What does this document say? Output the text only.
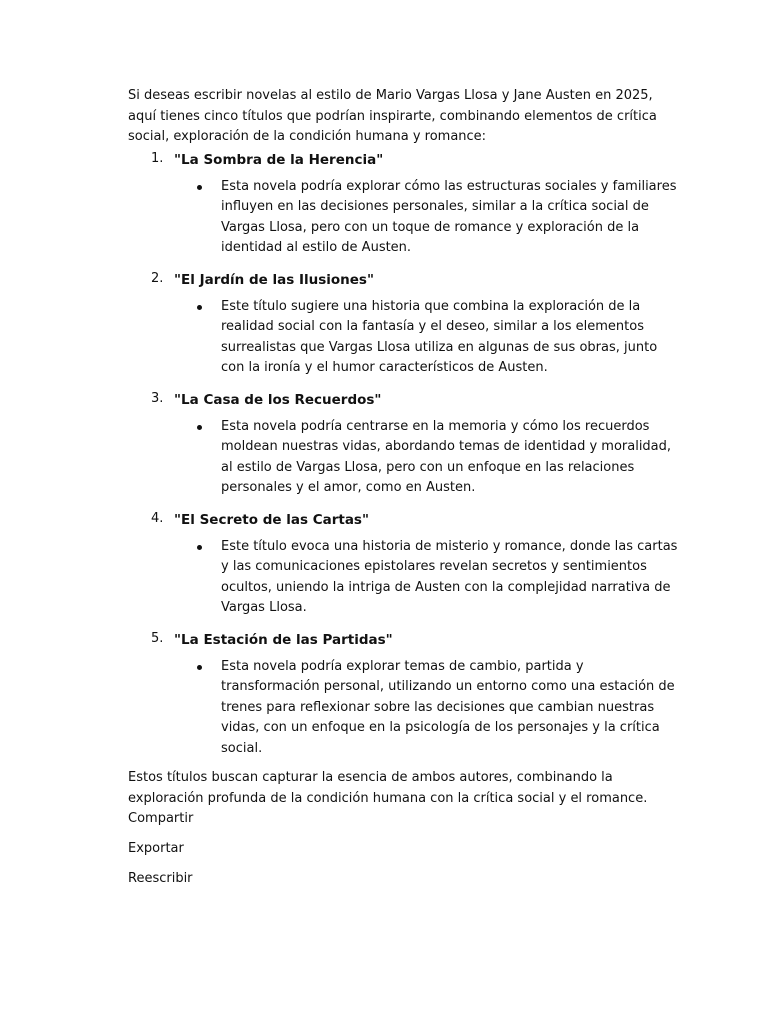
Si deseas escribir novelas al estilo de Mario Vargas Llosa y Jane Austen en 2025, aquí tienes cinco títulos que podrían inspirarte, combinando elementos de crítica social, exploración de la condición humana y romance:

1. "La Sombra de la Herencia"
Esta novela podría explorar cómo las estructuras sociales y familiares influyen en las decisiones personales, similar a la crítica social de Vargas Llosa, pero con un toque de romance y exploración de la identidad al estilo de Austen.
2. "El Jardín de las Ilusiones"
Este título sugiere una historia que combina la exploración de la realidad social con la fantasía y el deseo, similar a los elementos surrealistas que Vargas Llosa utiliza en algunas de sus obras, junto con la ironía y el humor característicos de Austen.
3. "La Casa de los Recuerdos"
Esta novela podría centrarse en la memoria y cómo los recuerdos moldean nuestras vidas, abordando temas de identidad y moralidad, al estilo de Vargas Llosa, pero con un enfoque en las relaciones personales y el amor, como en Austen.
4. "El Secreto de las Cartas"
Este título evoca una historia de misterio y romance, donde las cartas y las comunicaciones epistolares revelan secretos y sentimientos ocultos, uniendo la intriga de Austen con la complejidad narrativa de Vargas Llosa.
5. "La Estación de las Partidas"
Esta novela podría explorar temas de cambio, partida y transformación personal, utilizando un entorno como una estación de trenes para reflexionar sobre las decisiones que cambian nuestras vidas, con un enfoque en la psicología de los personajes y la crítica social.

Estos títulos buscan capturar la esencia de ambos autores, combinando la exploración profunda de la condición humana con la crítica social y el romance.

Compartir
Exportar
Reescribir
